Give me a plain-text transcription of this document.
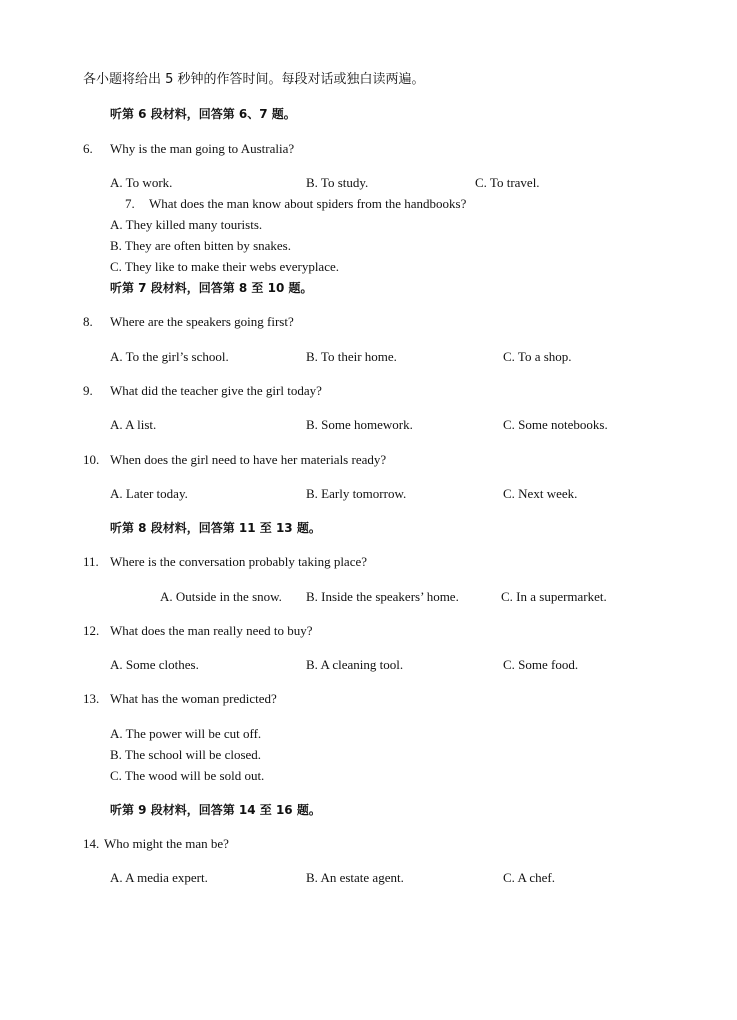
各小题将给出 5 秒钟的作答时间。每段对话或独白读两遍。
听第 6 段材料，回答第 6、7 题。
6. Why is the man going to Australia?
A. To work.	B. To study.	C. To travel.
7. What does the man know about spiders from the handbooks?
A. They killed many tourists.
B. They are often bitten by snakes.
C. They like to make their webs everyplace.
听第 7 段材料，回答第 8 至 10 题。
8. Where are the speakers going first?
A. To the girl’s school.	B. To their home.	C. To a shop.
9. What did the teacher give the girl today?
A. A list.	B. Some homework.	C. Some notebooks.
10. When does the girl need to have her materials ready?
A. Later today.	B. Early tomorrow.	C. Next week.
听第 8 段材料，回答第 11 至 13 题。
11. Where is the conversation probably taking place?
A. Outside in the snow. B. Inside the speakers’ home.	C. In a supermarket.
12. What does the man really need to buy?
A. Some clothes.	B. A cleaning tool.	C. Some food.
13. What has the woman predicted?
A. The power will be cut off.
B. The school will be closed.
C. The wood will be sold out.
听第 9 段材料，回答第 14 至 16 题。
14. Who might the man be?
A. A media expert.	B. An estate agent.	C. A chef.
